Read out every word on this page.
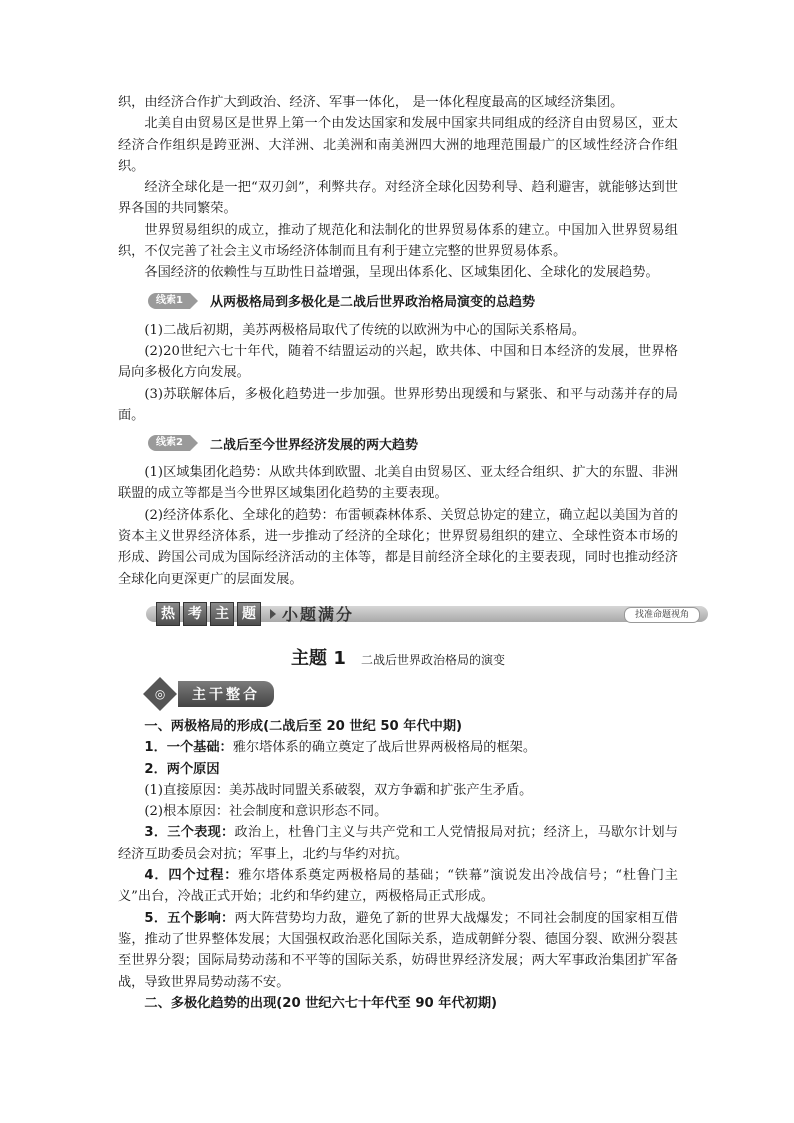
织，由经济合作扩大到政治、经济、军事一体化， 是一体化程度最高的区域经济集团。

北美自由贸易区是世界上第一个由发达国家和发展中国家共同组成的经济自由贸易区，亚太经济合作组织是跨亚洲、大洋洲、北美洲和南美洲四大洲的地理范围最广的区域性经济合作组织。

经济全球化是一把“双刃剑”，利弊共存。对经济全球化因势利导、趋利避害，就能够达到世界各国的共同繁荣。

世界贸易组织的成立，推动了规范化和法制化的世界贸易体系的建立。中国加入世界贸易组织，不仅完善了社会主义市场经济体制而且有利于建立完整的世界贸易体系。

各国经济的依赖性与互助性日益增强，呈现出体系化、区域集团化、全球化的发展趋势。

线索1	从两极格局到多极化是二战后世界政治格局演变的总趋势

(1)二战后初期，美苏两极格局取代了传统的以欧洲为中心的国际关系格局。

(2)20世纪六七十年代，随着不结盟运动的兴起，欧共体、中国和日本经济的发展，世界格局向多极化方向发展。

(3)苏联解体后，多极化趋势进一步加强。世界形势出现缓和与紧张、和平与动荡并存的局面。

线索2	二战后至今世界经济发展的两大趋势

(1)区域集团化趋势：从欧共体到欧盟、北美自由贸易区、亚太经合组织、扩大的东盟、非洲联盟的成立等都是当今世界区域集团化趋势的主要表现。

(2)经济体系化、全球化的趋势：布雷顿森林体系、关贸总协定的建立，确立起以美国为首的资本主义世界经济体系，进一步推动了经济的全球化；世界贸易组织的建立、全球性资本市场的形成、跨国公司成为国际经济活动的主体等，都是目前经济全球化的主要表现，同时也推动经济全球化向更深更广的层面发展。

热 考 主 题	小题满分	找准命题视角
主题 1 二战后世界政治格局的演变
◎	主干整合

一、两极格局的形成(二战后至 20 世纪 50 年代中期)

1．一个基础：雅尔塔体系的确立奠定了战后世界两极格局的框架。

2．两个原因

(1)直接原因：美苏战时同盟关系破裂，双方争霸和扩张产生矛盾。

(2)根本原因：社会制度和意识形态不同。

3．三个表现：政治上，杜鲁门主义与共产党和工人党情报局对抗；经济上，马歇尔计划与经济互助委员会对抗；军事上，北约与华约对抗。

4．四个过程：雅尔塔体系奠定两极格局的基础；“铁幕”演说发出冷战信号；“杜鲁门主义”出台，冷战正式开始；北约和华约建立，两极格局正式形成。

5．五个影响：两大阵营势均力敌，避免了新的世界大战爆发；不同社会制度的国家相互借鉴，推动了世界整体发展；大国强权政治恶化国际关系，造成朝鲜分裂、德国分裂、欧洲分裂甚至世界分裂；国际局势动荡和不平等的国际关系，妨碍世界经济发展；两大军事政治集团扩军备战，导致世界局势动荡不安。

二、多极化趋势的出现(20 世纪六七十年代至 90 年代初期)
